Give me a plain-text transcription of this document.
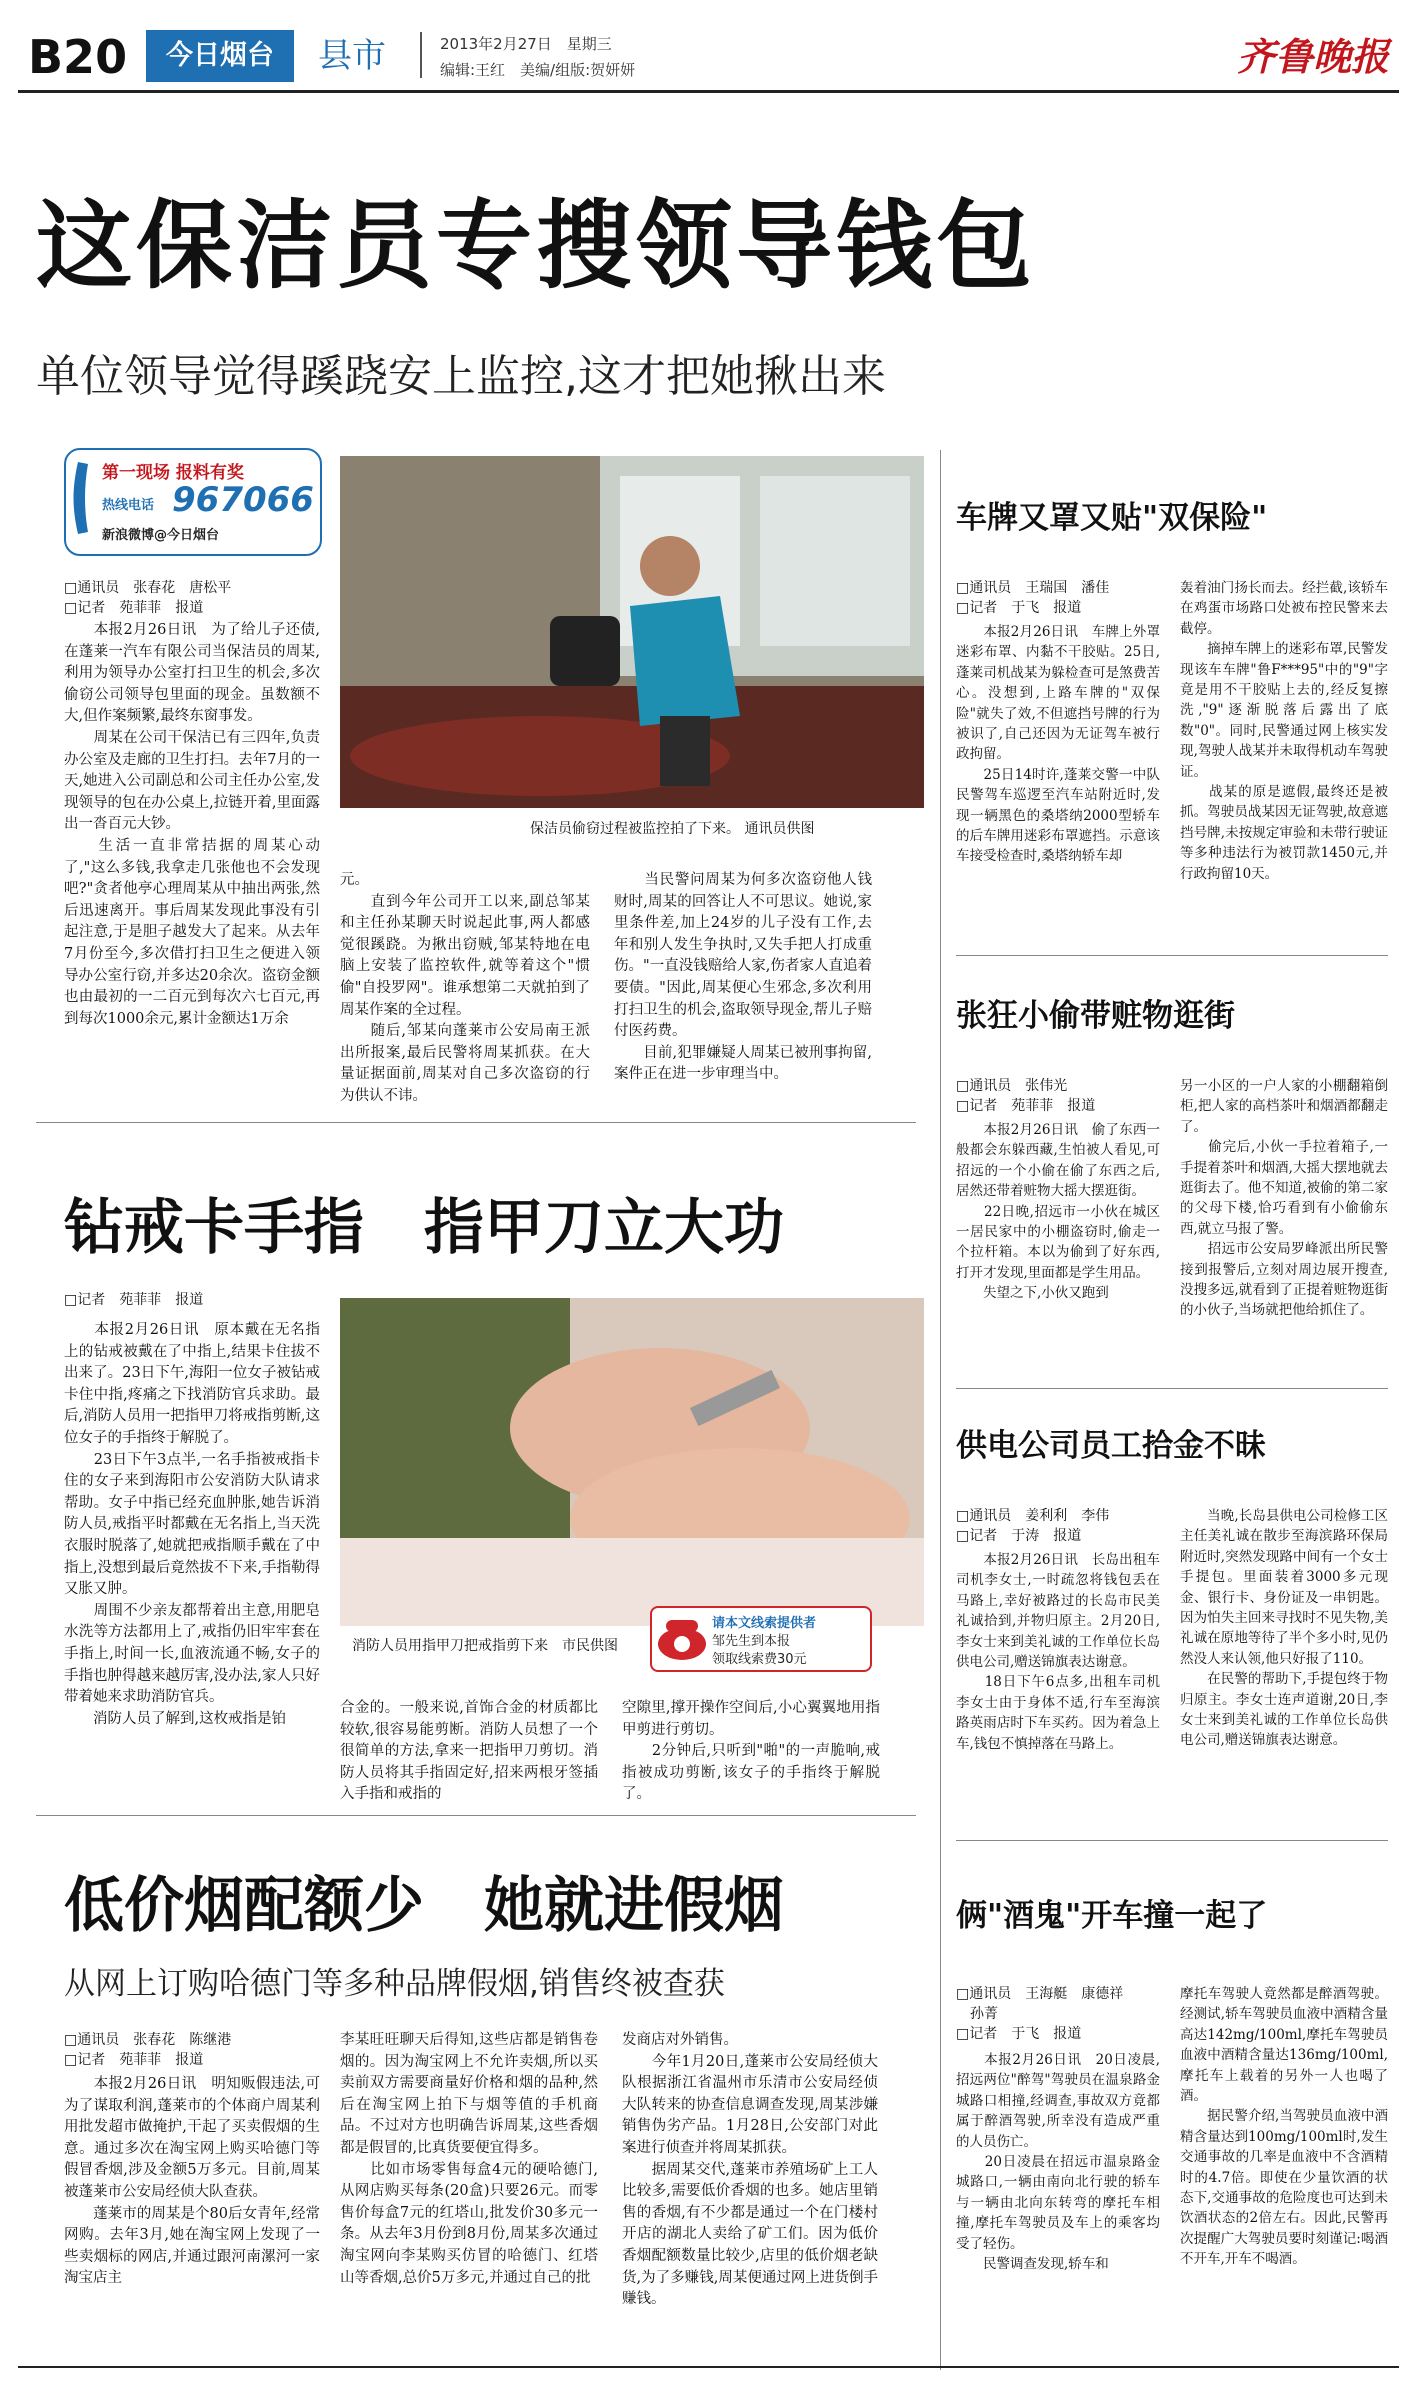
B20	今日烟台	县市	2013年2月27日　星期三
编辑:王红　美编/组版:贺妍妍	齐鲁晚报
这保洁员专搜领导钱包
单位领导觉得蹊跷安上监控,这才把她揪出来
第一现场 报料有奖
热线电话 967066
新浪微博@今日烟台
□通讯员　张春花　唐松平
□记者　苑菲菲　报道
保洁员偷窃过程被监控拍了下来。 通讯员供图
　　本报2月26日讯　为了给儿子还债,在蓬莱一汽车有限公司当保洁员的周某,利用为领导办公室打扫卫生的机会,多次偷窃公司领导包里面的现金。虽数额不大,但作案频繁,最终东窗事发。
　　周某在公司干保洁已有三四年,负责办公室及走廊的卫生打扫。去年7月的一天,她进入公司副总和公司主任办公室,发现领导的包在办公桌上,拉链开着,里面露出一沓百元大钞。
　　生活一直非常拮据的周某心动了,"这么多钱,我拿走几张他也不会发现吧?"贪者他亭心理周某从中抽出两张,然后迅速离开。事后周某发现此事没有引起注意,于是胆子越发大了起来。从去年7月份至今,多次借打扫卫生之便进入领导办公室行窃,并多达20余次。盗窃金额也由最初的一二百元到每次六七百元,再到每次1000余元,累计金额达1万余
元。
　　直到今年公司开工以来,副总邹某和主任孙某聊天时说起此事,两人都感觉很蹊跷。为揪出窃贼,邹某特地在电脑上安装了监控软件,就等着这个"惯偷"自投罗网"。谁承想第二天就拍到了周某作案的全过程。
　　随后,邹某向蓬莱市公安局南王派出所报案,最后民警将周某抓获。在大量证据面前,周某对自己多次盗窃的行为供认不讳。
　　当民警问周某为何多次盗窃他人钱财时,周某的回答让人不可思议。她说,家里条件差,加上24岁的儿子没有工作,去年和别人发生争执时,又失手把人打成重伤。"一直没钱赔给人家,伤者家人直追着要债。"因此,周某便心生邪念,多次利用打扫卫生的机会,盗取领导现金,帮儿子赔付医药费。
　　目前,犯罪嫌疑人周某已被刑事拘留,案件正在进一步审理当中。
钻戒卡手指　指甲刀立大功
□记者　苑菲菲　报道
消防人员用指甲刀把戒指剪下来　市民供图
请本文线索提供者
邹先生到本报
领取线索费30元
　　本报2月26日讯　原本戴在无名指上的钻戒被戴在了中指上,结果卡住拔不出来了。23日下午,海阳一位女子被钻戒卡住中指,疼痛之下找消防官兵求助。最后,消防人员用一把指甲刀将戒指剪断,这位女子的手指终于解脱了。
　　23日下午3点半,一名手指被戒指卡住的女子来到海阳市公安消防大队请求帮助。女子中指已经充血肿胀,她告诉消防人员,戒指平时都戴在无名指上,当天洗衣服时脱落了,她就把戒指顺手戴在了中指上,没想到最后竟然拔不下来,手指勒得又胀又肿。
　　周围不少亲友都帮着出主意,用肥皂水洗等方法都用上了,戒指仍旧牢牢套在手指上,时间一长,血液流通不畅,女子的手指也肿得越来越厉害,没办法,家人只好带着她来求助消防官兵。
　　消防人员了解到,这枚戒指是铂
合金的。一般来说,首饰合金的材质都比较软,很容易能剪断。消防人员想了一个很简单的方法,拿来一把指甲刀剪切。消防人员将其手指固定好,招来两根牙签插入手指和戒指的
空隙里,撑开操作空间后,小心翼翼地用指甲剪进行剪切。
　　2分钟后,只听到"啪"的一声脆响,戒指被成功剪断,该女子的手指终于解脱了。
低价烟配额少　她就进假烟
从网上订购哈德门等多种品牌假烟,销售终被查获
□通讯员　张春花　陈继港
□记者　苑菲菲　报道
　　本报2月26日讯　明知贩假违法,可为了谋取利润,蓬莱市的个体商户周某利用批发超市做掩护,干起了买卖假烟的生意。通过多次在淘宝网上购买哈德门等假冒香烟,涉及金额5万多元。目前,周某被蓬莱市公安局经侦大队查获。
　　蓬莱市的周某是个80后女青年,经常网购。去年3月,她在淘宝网上发现了一些卖烟标的网店,并通过跟河南漯河一家淘宝店主
李某旺旺聊天后得知,这些店都是销售卷烟的。因为淘宝网上不允许卖烟,所以买卖前双方需要商量好价格和烟的品种,然后在淘宝网上拍下与烟等值的手机商品。不过对方也明确告诉周某,这些香烟都是假冒的,比真货要便宜得多。
　　比如市场零售每盒4元的硬哈德门,从网店购买每条(20盒)只要26元。而零售价每盒7元的红塔山,批发价30多元一条。从去年3月份到8月份,周某多次通过淘宝网向李某购买仿冒的哈德门、红塔山等香烟,总价5万多元,并通过自己的批
发商店对外销售。
　　今年1月20日,蓬莱市公安局经侦大队根据浙江省温州市乐清市公安局经侦大队转来的协查信息调查发现,周某涉嫌销售伪劣产品。1月28日,公安部门对此案进行侦查并将周某抓获。
　　据周某交代,蓬莱市养殖场矿上工人比较多,需要低价香烟的也多。她店里销售的香烟,有不少都是通过一个在门楼村开店的湖北人卖给了矿工们。因为低价香烟配额数量比较少,店里的低价烟老缺货,为了多赚钱,周某便通过网上进货倒手赚钱。
车牌又罩又贴"双保险"
□通讯员　王瑞国　潘佳
□记者　于飞　报道
　　本报2月26日讯　车牌上外罩迷彩布罩、内黏不干胶贴。25日,蓬莱司机战某为躲检查可是煞费苦心。没想到,上路车牌的"双保险"就失了效,不但遮挡号牌的行为被识了,自己还因为无证驾车被行政拘留。
　　25日14时许,蓬莱交警一中队民警驾车巡逻至汽车站附近时,发现一辆黑色的桑塔纳2000型轿车的后车牌用迷彩布罩遮挡。示意该车接受检查时,桑塔纳轿车却
轰着油门扬长而去。经拦截,该轿车在鸡蛋市场路口处被布控民警来去截停。
　　摘掉车牌上的迷彩布罩,民警发现该车车牌"鲁F***95"中的"9"字竟是用不干胶贴上去的,经反复擦洗,"9"逐渐脱落后露出了底数"0"。同时,民警通过网上核实发现,驾驶人战某并未取得机动车驾驶证。
　　战某的原是遮假,最终还是被抓。驾驶员战某因无证驾驶,故意遮挡号牌,未按规定审验和未带行驶证等多种违法行为被罚款1450元,并行政拘留10天。
张狂小偷带赃物逛街
□通讯员　张伟光
□记者　苑菲菲　报道
　　本报2月26日讯　偷了东西一般都会东躲西藏,生怕被人看见,可招远的一个小偷在偷了东西之后,居然还带着赃物大摇大摆逛街。
　　22日晚,招远市一小伙在城区一居民家中的小棚盗窃时,偷走一个拉杆箱。本以为偷到了好东西,打开才发现,里面都是学生用品。
　　失望之下,小伙又跑到
另一小区的一户人家的小棚翻箱倒柜,把人家的高档茶叶和烟酒都翻走了。
　　偷完后,小伙一手拉着箱子,一手提着茶叶和烟酒,大摇大摆地就去逛街去了。他不知道,被偷的第二家的父母下楼,恰巧看到有小偷偷东西,就立马报了警。
　　招远市公安局罗峰派出所民警接到报警后,立刻对周边展开搜查,没搜多远,就看到了正提着赃物逛街的小伙子,当场就把他给抓住了。
供电公司员工拾金不昧
□通讯员　姜利利　李伟
□记者　于涛　报道
　　本报2月26日讯　长岛出租车司机李女士,一时疏忽将钱包丢在马路上,幸好被路过的长岛市民美礼诚拾到,并物归原主。2月20日,李女士来到美礼诚的工作单位长岛供电公司,赠送锦旗表达谢意。
　　18日下午6点多,出租车司机李女士由于身体不适,行车至海滨路英雨店时下车买药。因为着急上车,钱包不慎掉落在马路上。
　　当晚,长岛县供电公司检修工区主任美礼诚在散步至海滨路环保局附近时,突然发现路中间有一个女士手提包。里面装着3000多元现金、银行卡、身份证及一串钥匙。因为怕失主回来寻找时不见失物,美礼诚在原地等待了半个多小时,见仍然没人来认领,他只好报了110。
　　在民警的帮助下,手提包终于物归原主。李女士连声道谢,20日,李女士来到美礼诚的工作单位长岛供电公司,赠送锦旗表达谢意。
俩"酒鬼"开车撞一起了
□通讯员　王海艇　康德祥
　孙菁
□记者　于飞　报道
　　本报2月26日讯　20日凌晨,招远两位"醉驾"驾驶员在温泉路金城路口相撞,经调查,事故双方竟都属于醉酒驾驶,所幸没有造成严重的人员伤亡。
　　20日凌晨在招远市温泉路金城路口,一辆由南向北行驶的轿车与一辆由北向东转弯的摩托车相撞,摩托车驾驶员及车上的乘客均受了轻伤。
　　民警调查发现,轿车和
摩托车驾驶人竟然都是醉酒驾驶。经测试,轿车驾驶员血液中酒精含量高达142mg/100ml,摩托车驾驶员血液中酒精含量达136mg/100ml,摩托车上载着的另外一人也喝了酒。
　　据民警介绍,当驾驶员血液中酒精含量达到100mg/100ml时,发生交通事故的几率是血液中不含酒精时的4.7倍。即使在少量饮酒的状态下,交通事故的危险度也可达到未饮酒状态的2倍左右。因此,民警再次提醒广大驾驶员要时刻谨记:喝酒不开车,开车不喝酒。
